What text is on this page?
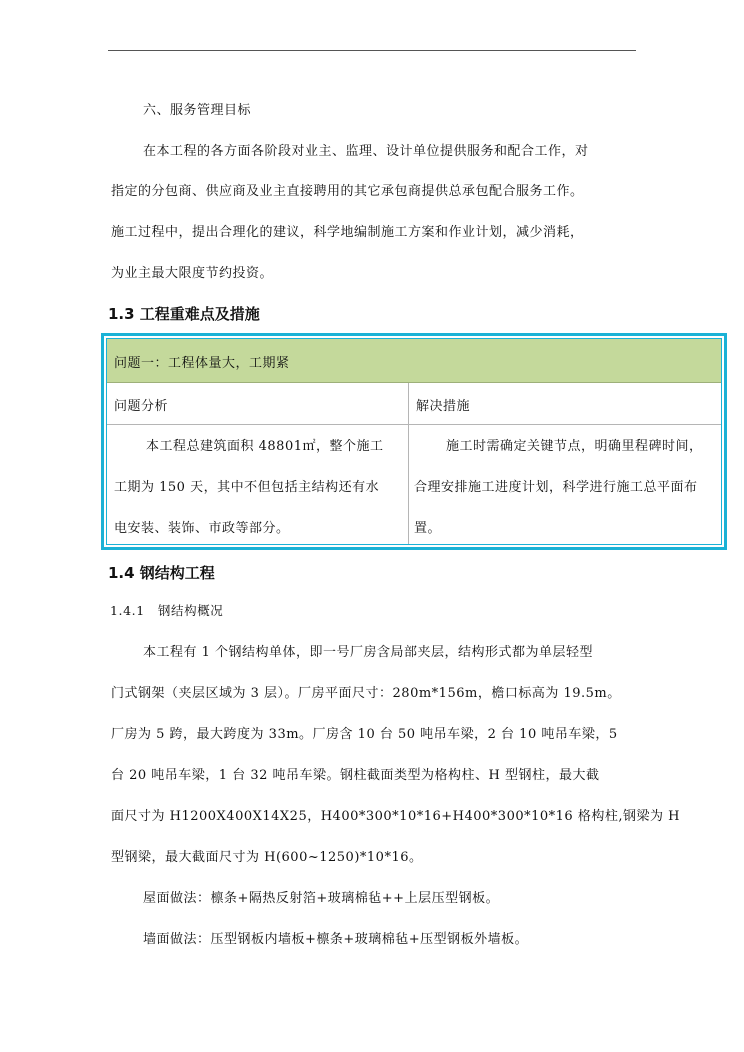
六、服务管理目标
在本工程的各方面各阶段对业主、监理、设计单位提供服务和配合工作，对
指定的分包商、供应商及业主直接聘用的其它承包商提供总承包配合服务工作。
施工过程中，提出合理化的建议，科学地编制施工方案和作业计划，减少消耗，
为业主最大限度节约投资。
1.3 工程重难点及措施
问题一：工程体量大，工期紧
问题分析	解决措施
本工程总建筑面积 48801㎡，整个施工
工期为 150 天，其中不但包括主结构还有水
电安装、装饰、市政等部分。
施工时需确定关键节点，明确里程碑时间，
合理安排施工进度计划，科学进行施工总平面布
置。
1.4 钢结构工程
1.4.1　钢结构概况
本工程有 1 个钢结构单体，即一号厂房含局部夹层，结构形式都为单层轻型
门式钢架（夹层区域为 3 层）。厂房平面尺寸：280m*156m，檐口标高为 19.5m。
厂房为 5 跨，最大跨度为 33m。厂房含 10 台 50 吨吊车梁，2 台 10 吨吊车梁，5
台 20 吨吊车梁，1 台 32 吨吊车梁。钢柱截面类型为格构柱、H 型钢柱，最大截
面尺寸为 H1200X400X14X25，H400*300*10*16+H400*300*10*16 格构柱,钢梁为 H
型钢梁，最大截面尺寸为 H(600~1250)*10*16。
屋面做法：檩条+隔热反射箔+玻璃棉毡++上层压型钢板。
墙面做法：压型钢板内墙板+檩条+玻璃棉毡+压型钢板外墙板。
